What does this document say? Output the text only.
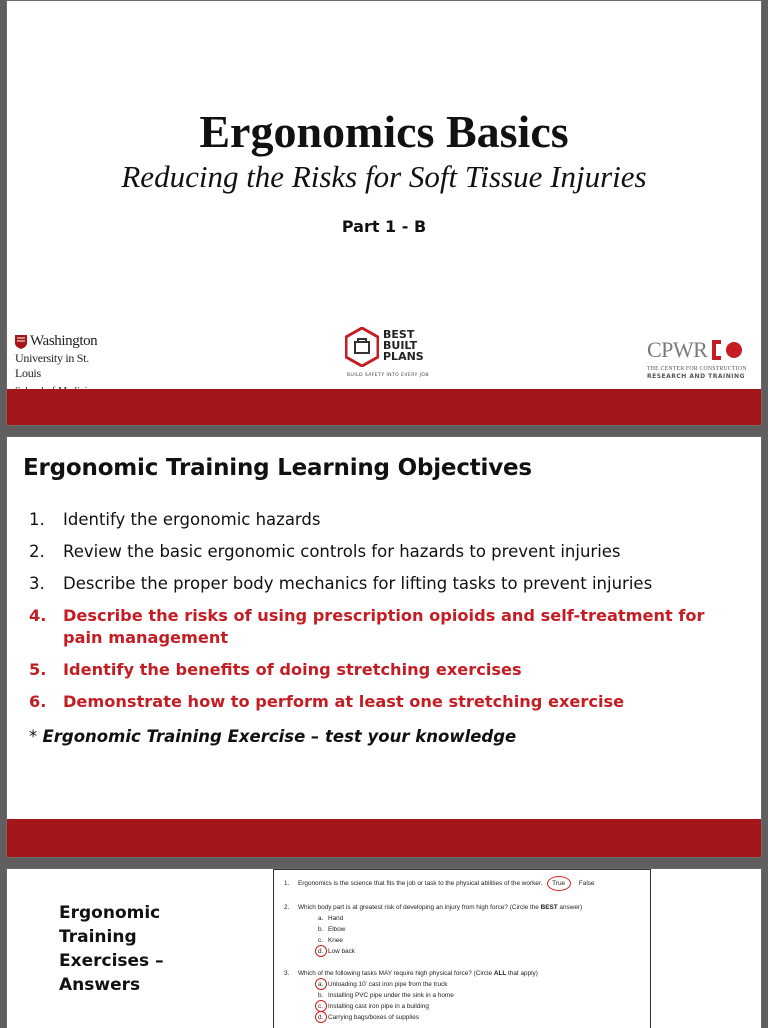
Ergonomics Basics
Reducing the Risks for Soft Tissue Injuries
Part 1 - B
Washington
University in St. Louis
BEST
BUILT
PLANS
BUILD SAFETY INTO EVERY JOB
CPWR
THE CENTER FOR CONSTRUCTION
RESEARCH AND TRAINING
Ergonomic Training Learning Objectives
1.	Identify the ergonomic hazards
2.	Review the basic ergonomic controls for hazards to prevent injuries
3.	Describe the proper body mechanics for lifting tasks to prevent injuries
4.	Describe the risks of using prescription opioids and self-treatment for pain management
5.	Identify the benefits of doing stretching exercises
6.	Demonstrate how to perform at least one stretching exercise
* Ergonomic Training Exercise – test your knowledge
Ergonomic Training Exercises – Answers
1. Ergonomics is the science that fits the job or task to the physical abilities of the worker. True False
2. Which body part is at greatest risk of developing an injury from high force? (Circle the BEST answer)
a. Hand
b. Elbow
c. Knee
d. Low back
3. Which of the following tasks MAY require high physical force? (Circle ALL that apply)
a. Unloading 10’ cast iron pipe from the truck
b. Installing PVC pipe under the sink in a home
c. Installing cast iron pipe in a building
d. Carrying bags/boxes of supplies
